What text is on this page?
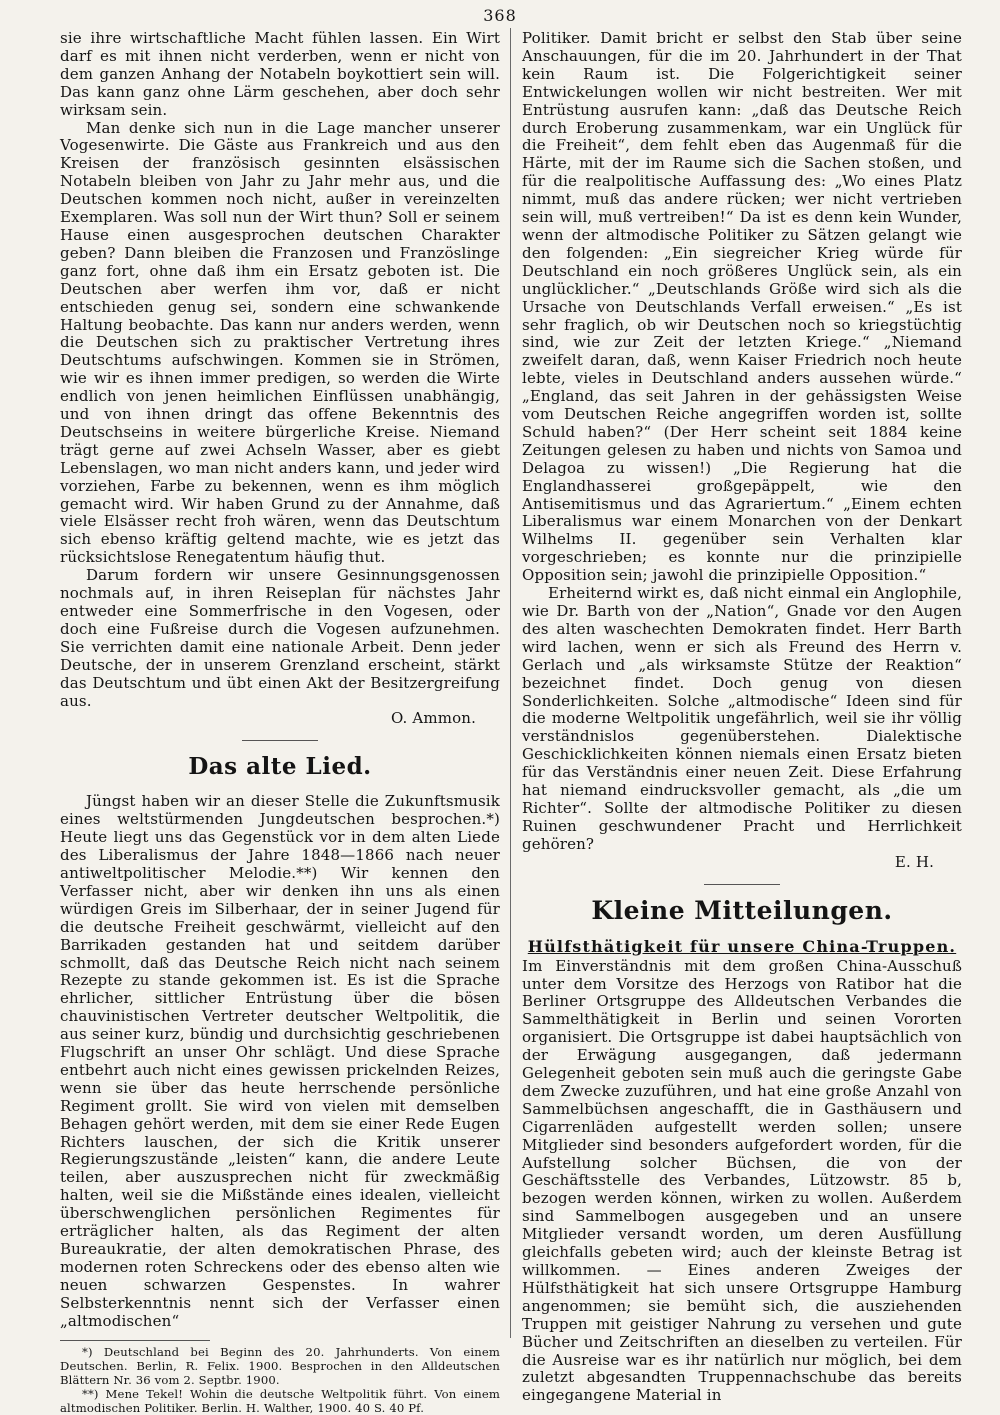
368

sie ihre wirtschaftliche Macht fühlen lassen. Ein Wirt darf es mit ihnen nicht verderben, wenn er nicht von dem ganzen Anhang der Notabeln boykottiert sein will. Das kann ganz ohne Lärm geschehen, aber doch sehr wirksam sein.

Man denke sich nun in die Lage mancher unserer Vogesenwirte. Die Gäste aus Frankreich und aus den Kreisen der französisch gesinnten elsässischen Notabeln bleiben von Jahr zu Jahr mehr aus, und die Deutschen kommen noch nicht, außer in vereinzelten Exemplaren. Was soll nun der Wirt thun? Soll er seinem Hause einen ausgesprochen deutschen Charakter geben? Dann bleiben die Franzosen und Französlinge ganz fort, ohne daß ihm ein Ersatz geboten ist. Die Deutschen aber werfen ihm vor, daß er nicht entschieden genug sei, sondern eine schwankende Haltung beobachte. Das kann nur anders werden, wenn die Deutschen sich zu praktischer Vertretung ihres Deutschtums aufschwingen. Kommen sie in Strömen, wie wir es ihnen immer predigen, so werden die Wirte endlich von jenen heimlichen Einflüssen unabhängig, und von ihnen dringt das offene Bekenntnis des Deutschseins in weitere bürgerliche Kreise. Niemand trägt gerne auf zwei Achseln Wasser, aber es giebt Lebenslagen, wo man nicht anders kann, und jeder wird vorziehen, Farbe zu bekennen, wenn es ihm möglich gemacht wird. Wir haben Grund zu der Annahme, daß viele Elsässer recht froh wären, wenn das Deutschtum sich ebenso kräftig geltend machte, wie es jetzt das rücksichtslose Renegatentum häufig thut.

Darum fordern wir unsere Gesinnungsgenossen nochmals auf, in ihren Reiseplan für nächstes Jahr entweder eine Sommerfrische in den Vogesen, oder doch eine Fußreise durch die Vogesen aufzunehmen. Sie verrichten damit eine nationale Arbeit. Denn jeder Deutsche, der in unserem Grenzland erscheint, stärkt das Deutschtum und übt einen Akt der Besitzergreifung aus.

O. Ammon.

Das alte Lied.

Jüngst haben wir an dieser Stelle die Zukunftsmusik eines weltstürmenden Jungdeutschen besprochen.*) Heute liegt uns das Gegenstück vor in dem alten Liede des Liberalismus der Jahre 1848—1866 nach neuer antiweltpolitischer Melodie.**) Wir kennen den Verfasser nicht, aber wir denken ihn uns als einen würdigen Greis im Silberhaar, der in seiner Jugend für die deutsche Freiheit geschwärmt, vielleicht auf den Barrikaden gestanden hat und seitdem darüber schmollt, daß das Deutsche Reich nicht nach seinem Rezepte zu stande gekommen ist. Es ist die Sprache ehrlicher, sittlicher Entrüstung über die bösen chauvinistischen Vertreter deutscher Weltpolitik, die aus seiner kurz, bündig und durchsichtig geschriebenen Flugschrift an unser Ohr schlägt. Und diese Sprache entbehrt auch nicht eines gewissen prickelnden Reizes, wenn sie über das heute herrschende persönliche Regiment grollt. Sie wird von vielen mit demselben Behagen gehört werden, mit dem sie einer Rede Eugen Richters lauschen, der sich die Kritik unserer Regierungszustände „leisten“ kann, die andere Leute teilen, aber auszusprechen nicht für zweckmäßig halten, weil sie die Mißstände eines idealen, vielleicht überschwenglichen persönlichen Regimentes für erträglicher halten, als das Regiment der alten Bureaukratie, der alten demokratischen Phrase, des modernen roten Schreckens oder des ebenso alten wie neuen schwarzen Gespenstes. In wahrer Selbsterkenntnis nennt sich der Verfasser einen „altmodischen“

*) Deutschland bei Beginn des 20. Jahrhunderts. Von einem Deutschen. Berlin, R. Felix. 1900. Besprochen in den Alldeutschen Blättern Nr. 36 vom 2. Septbr. 1900.

**) Mene Tekel! Wohin die deutsche Weltpolitik führt. Von einem altmodischen Politiker. Berlin. H. Walther, 1900. 40 S. 40 Pf.

Politiker. Damit bricht er selbst den Stab über seine Anschauungen, für die im 20. Jahrhundert in der That kein Raum ist. Die Folgerichtigkeit seiner Entwickelungen wollen wir nicht bestreiten. Wer mit Entrüstung ausrufen kann: „daß das Deutsche Reich durch Eroberung zusammenkam, war ein Unglück für die Freiheit“, dem fehlt eben das Augenmaß für die Härte, mit der im Raume sich die Sachen stoßen, und für die realpolitische Auffassung des: „Wo eines Platz nimmt, muß das andere rücken; wer nicht vertrieben sein will, muß vertreiben!“ Da ist es denn kein Wunder, wenn der altmodische Politiker zu Sätzen gelangt wie den folgenden: „Ein siegreicher Krieg würde für Deutschland ein noch größeres Unglück sein, als ein unglücklicher.“ „Deutschlands Größe wird sich als die Ursache von Deutschlands Verfall erweisen.“ „Es ist sehr fraglich, ob wir Deutschen noch so kriegstüchtig sind, wie zur Zeit der letzten Kriege.“ „Niemand zweifelt daran, daß, wenn Kaiser Friedrich noch heute lebte, vieles in Deutschland anders aussehen würde.“ „England, das seit Jahren in der gehässigsten Weise vom Deutschen Reiche angegriffen worden ist, sollte Schuld haben?“ (Der Herr scheint seit 1884 keine Zeitungen gelesen zu haben und nichts von Samoa und Delagoa zu wissen!) „Die Regierung hat die Englandhasserei großgepäppelt, wie den Antisemitismus und das Agrariertum.“ „Einem echten Liberalismus war einem Monarchen von der Denkart Wilhelms II. gegenüber sein Verhalten klar vorgeschrieben; es konnte nur die prinzipielle Opposition sein; jawohl die prinzipielle Opposition.“

Erheiternd wirkt es, daß nicht einmal ein Anglophile, wie Dr. Barth von der „Nation“, Gnade vor den Augen des alten waschechten Demokraten findet. Herr Barth wird lachen, wenn er sich als Freund des Herrn v. Gerlach und „als wirksamste Stütze der Reaktion“ bezeichnet findet. Doch genug von diesen Sonderlichkeiten. Solche „altmodische“ Ideen sind für die moderne Weltpolitik ungefährlich, weil sie ihr völlig verständnislos gegenüberstehen. Dialektische Geschicklichkeiten können niemals einen Ersatz bieten für das Verständnis einer neuen Zeit. Diese Erfahrung hat niemand eindrucksvoller gemacht, als „die um Richter“. Sollte der altmodische Politiker zu diesen Ruinen geschwundener Pracht und Herrlichkeit gehören?

E. H.

Kleine Mitteilungen.
Hülfsthätigkeit für unsere China-Truppen.

Im Einverständnis mit dem großen China-Ausschuß unter dem Vorsitze des Herzogs von Ratibor hat die Berliner Ortsgruppe des Alldeutschen Verbandes die Sammelthätigkeit in Berlin und seinen Vororten organisiert. Die Ortsgruppe ist dabei hauptsächlich von der Erwägung ausgegangen, daß jedermann Gelegenheit geboten sein muß auch die geringste Gabe dem Zwecke zuzuführen, und hat eine große Anzahl von Sammelbüchsen angeschafft, die in Gasthäusern und Cigarrenläden aufgestellt werden sollen; unsere Mitglieder sind besonders aufgefordert worden, für die Aufstellung solcher Büchsen, die von der Geschäftsstelle des Verbandes, Lützowstr. 85 b, bezogen werden können, wirken zu wollen. Außerdem sind Sammelbogen ausgegeben und an unsere Mitglieder versandt worden, um deren Ausfüllung gleichfalls gebeten wird; auch der kleinste Betrag ist willkommen. — Eines anderen Zweiges der Hülfsthätigkeit hat sich unsere Ortsgruppe Hamburg angenommen; sie bemüht sich, die ausziehenden Truppen mit geistiger Nahrung zu versehen und gute Bücher und Zeitschriften an dieselben zu verteilen. Für die Ausreise war es ihr natürlich nur möglich, bei dem zuletzt abgesandten Truppennachschube das bereits eingegangene Material in
